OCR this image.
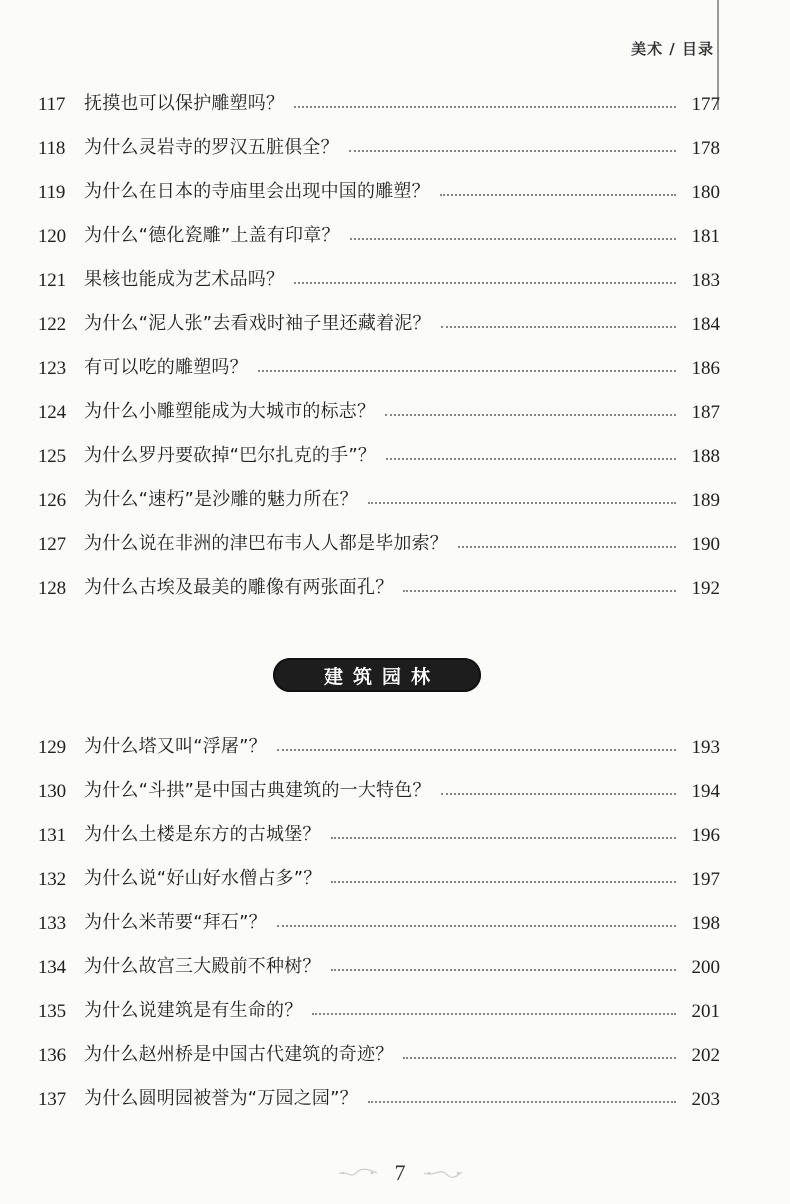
美术 / 目录
117	抚摸也可以保护雕塑吗？	177
118	为什么灵岩寺的罗汉五脏俱全？	178
119	为什么在日本的寺庙里会出现中国的雕塑？	180
120	为什么“德化瓷雕”上盖有印章？	181
121	果核也能成为艺术品吗？	183
122	为什么“泥人张”去看戏时袖子里还藏着泥？	184
123	有可以吃的雕塑吗？	186
124	为什么小雕塑能成为大城市的标志？	187
125	为什么罗丹要砍掉“巴尔扎克的手”？	188
126	为什么“速朽”是沙雕的魅力所在？	189
127	为什么说在非洲的津巴布韦人人都是毕加索？	190
128	为什么古埃及最美的雕像有两张面孔？	192
建筑园林
129	为什么塔又叫“浮屠”？	193
130	为什么“斗拱”是中国古典建筑的一大特色？	194
131	为什么土楼是东方的古城堡？	196
132	为什么说“好山好水僧占多”？	197
133	为什么米芾要“拜石”？	198
134	为什么故宫三大殿前不种树？	200
135	为什么说建筑是有生命的？	201
136	为什么赵州桥是中国古代建筑的奇迹？	202
137	为什么圆明园被誉为“万园之园”？	203
7
